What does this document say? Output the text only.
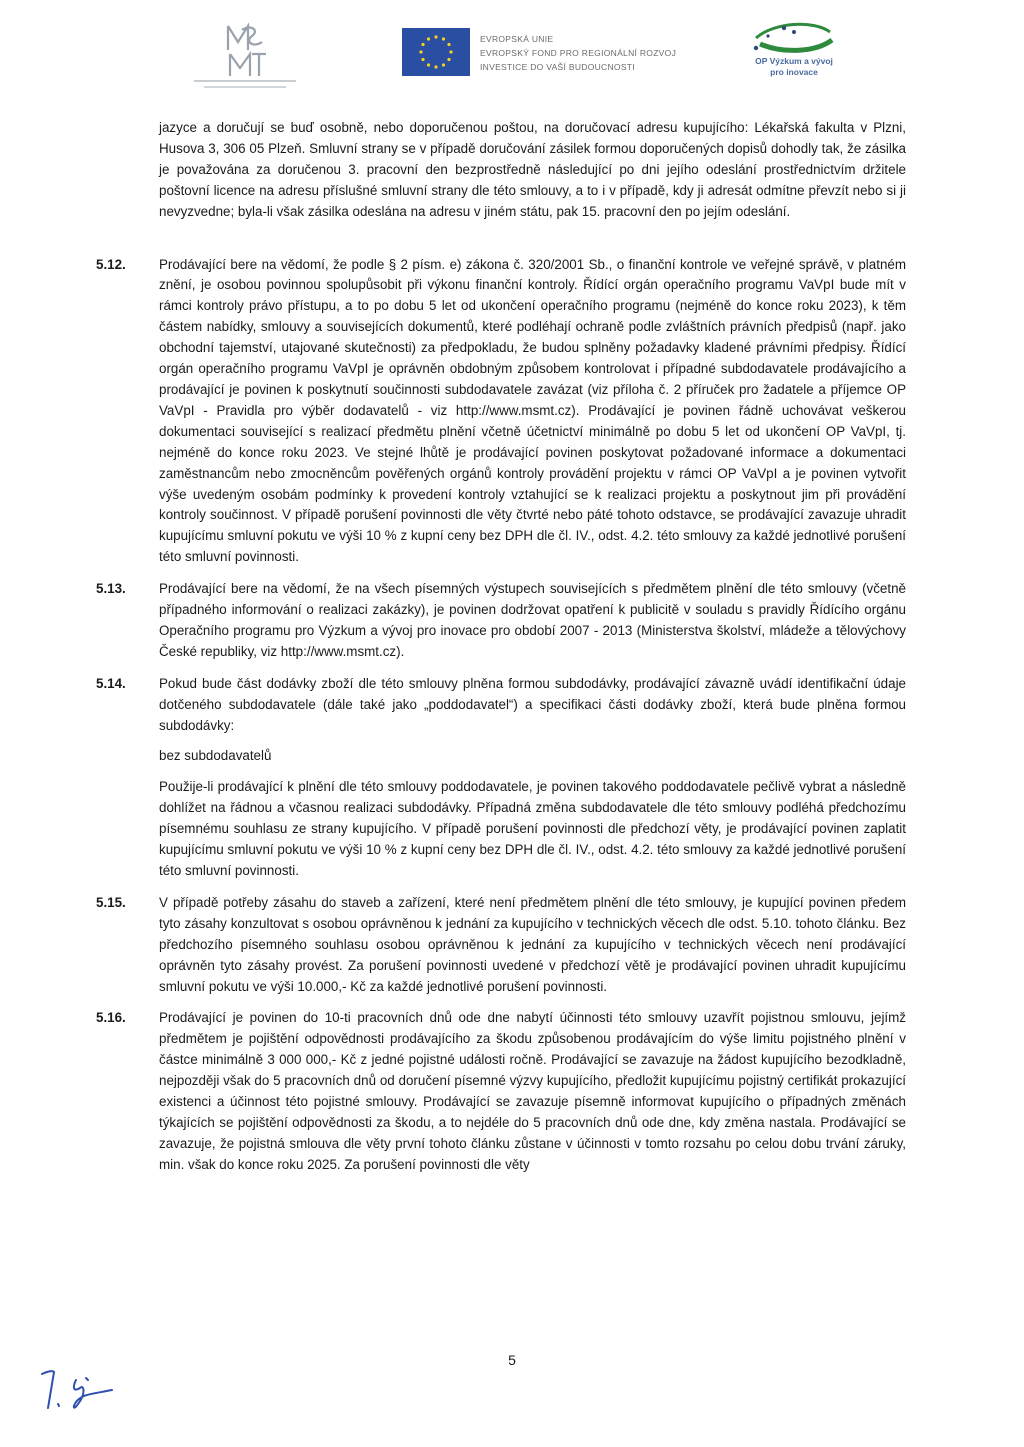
EVROPSKÁ UNIE
EVROPSKÝ FOND PRO REGIONÁLNÍ ROZVOJ
INVESTICE DO VAŠÍ BUDOUCNOSTI
OP Výzkum a vývoj
pro inovace

jazyce a doručují se buď osobně, nebo doporučenou poštou, na doručovací adresu kupujícího: Lékařská fakulta v Plzni, Husova 3, 306 05 Plzeň. Smluvní strany se v případě doručování zásilek formou doporučených dopisů dohodly tak, že zásilka je považována za doručenou 3. pracovní den bezprostředně následující po dni jejího odeslání prostřednictvím držitele poštovní licence na adresu příslušné smluvní strany dle této smlouvy, a to i v případě, kdy ji adresát odmítne převzít nebo si ji nevyzvedne; byla-li však zásilka odeslána na adresu v jiném státu, pak 15. pracovní den po jejím odeslání.

5.12. Prodávající bere na vědomí, že podle § 2 písm. e) zákona č. 320/2001 Sb., o finanční kontrole ve veřejné správě, v platném znění, je osobou povinnou spolupůsobit při výkonu finanční kontroly. Řídící orgán operačního programu VaVpI bude mít v rámci kontroly právo přístupu, a to po dobu 5 let od ukončení operačního programu (nejméně do konce roku 2023), k těm částem nabídky, smlouvy a souvisejících dokumentů, které podléhají ochraně podle zvláštních právních předpisů (např. jako obchodní tajemství, utajované skutečnosti) za předpokladu, že budou splněny požadavky kladené právními předpisy. Řídící orgán operačního programu VaVpI je oprávněn obdobným způsobem kontrolovat i případné subdodavatele prodávajícího a prodávající je povinen k poskytnutí součinnosti subdodavatele zavázat (viz příloha č. 2 příruček pro žadatele a příjemce OP VaVpI - Pravidla pro výběr dodavatelů - viz http://www.msmt.cz). Prodávající je povinen řádně uchovávat veškerou dokumentaci související s realizací předmětu plnění včetně účetnictví minimálně po dobu 5 let od ukončení OP VaVpI, tj. nejméně do konce roku 2023. Ve stejné lhůtě je prodávající povinen poskytovat požadované informace a dokumentaci zaměstnancům nebo zmocněncům pověřených orgánů kontroly provádění projektu v rámci OP VaVpI a je povinen vytvořit výše uvedeným osobám podmínky k provedení kontroly vztahující se k realizaci projektu a poskytnout jim při provádění kontroly součinnost. V případě porušení povinnosti dle věty čtvrté nebo páté tohoto odstavce, se prodávající zavazuje uhradit kupujícímu smluvní pokutu ve výši 10 % z kupní ceny bez DPH dle čl. IV., odst. 4.2. této smlouvy za každé jednotlivé porušení této smluvní povinnosti.

5.13. Prodávající bere na vědomí, že na všech písemných výstupech souvisejících s předmětem plnění dle této smlouvy (včetně případného informování o realizaci zakázky), je povinen dodržovat opatření k publicitě v souladu s pravidly Řídícího orgánu Operačního programu pro Výzkum a vývoj pro inovace pro období 2007 - 2013 (Ministerstva školství, mládeže a tělovýchovy České republiky, viz http://www.msmt.cz).

5.14. Pokud bude část dodávky zboží dle této smlouvy plněna formou subdodávky, prodávající závazně uvádí identifikační údaje dotčeného subdodavatele (dále také jako „poddodavatel“) a specifikaci části dodávky zboží, která bude plněna formou subdodávky:

bez subdodavatelů

Použije-li prodávající k plnění dle této smlouvy poddodavatele, je povinen takového poddodavatele pečlivě vybrat a následně dohlížet na řádnou a včasnou realizaci subdodávky. Případná změna subdodavatele dle této smlouvy podléhá předchozímu písemnému souhlasu ze strany kupujícího. V případě porušení povinnosti dle předchozí věty, je prodávající povinen zaplatit kupujícímu smluvní pokutu ve výši 10 % z kupní ceny bez DPH dle čl. IV., odst. 4.2. této smlouvy za každé jednotlivé porušení této smluvní povinnosti.

5.15. V případě potřeby zásahu do staveb a zařízení, které není předmětem plnění dle této smlouvy, je kupující povinen předem tyto zásahy konzultovat s osobou oprávněnou k jednání za kupujícího v technických věcech dle odst. 5.10. tohoto článku. Bez předchozího písemného souhlasu osobou oprávněnou k jednání za kupujícího v technických věcech není prodávající oprávněn tyto zásahy provést. Za porušení povinnosti uvedené v předchozí větě je prodávající povinen uhradit kupujícímu smluvní pokutu ve výši 10.000,- Kč za každé jednotlivé porušení povinnosti.

5.16. Prodávající je povinen do 10-ti pracovních dnů ode dne nabytí účinnosti této smlouvy uzavřít pojistnou smlouvu, jejímž předmětem je pojištění odpovědnosti prodávajícího za škodu způsobenou prodávajícím do výše limitu pojistného plnění v částce minimálně 3 000 000,- Kč z jedné pojistné události ročně. Prodávající se zavazuje na žádost kupujícího bezodkladně, nejpozději však do 5 pracovních dnů od doručení písemné výzvy kupujícího, předložit kupujícímu pojistný certifikát prokazující existenci a účinnost této pojistné smlouvy. Prodávající se zavazuje písemně informovat kupujícího o případných změnách týkajících se pojištění odpovědnosti za škodu, a to nejdéle do 5 pracovních dnů ode dne, kdy změna nastala. Prodávající se zavazuje, že pojistná smlouva dle věty první tohoto článku zůstane v účinnosti v tomto rozsahu po celou dobu trvání záruky, min. však do konce roku 2025. Za porušení povinnosti dle věty

5
